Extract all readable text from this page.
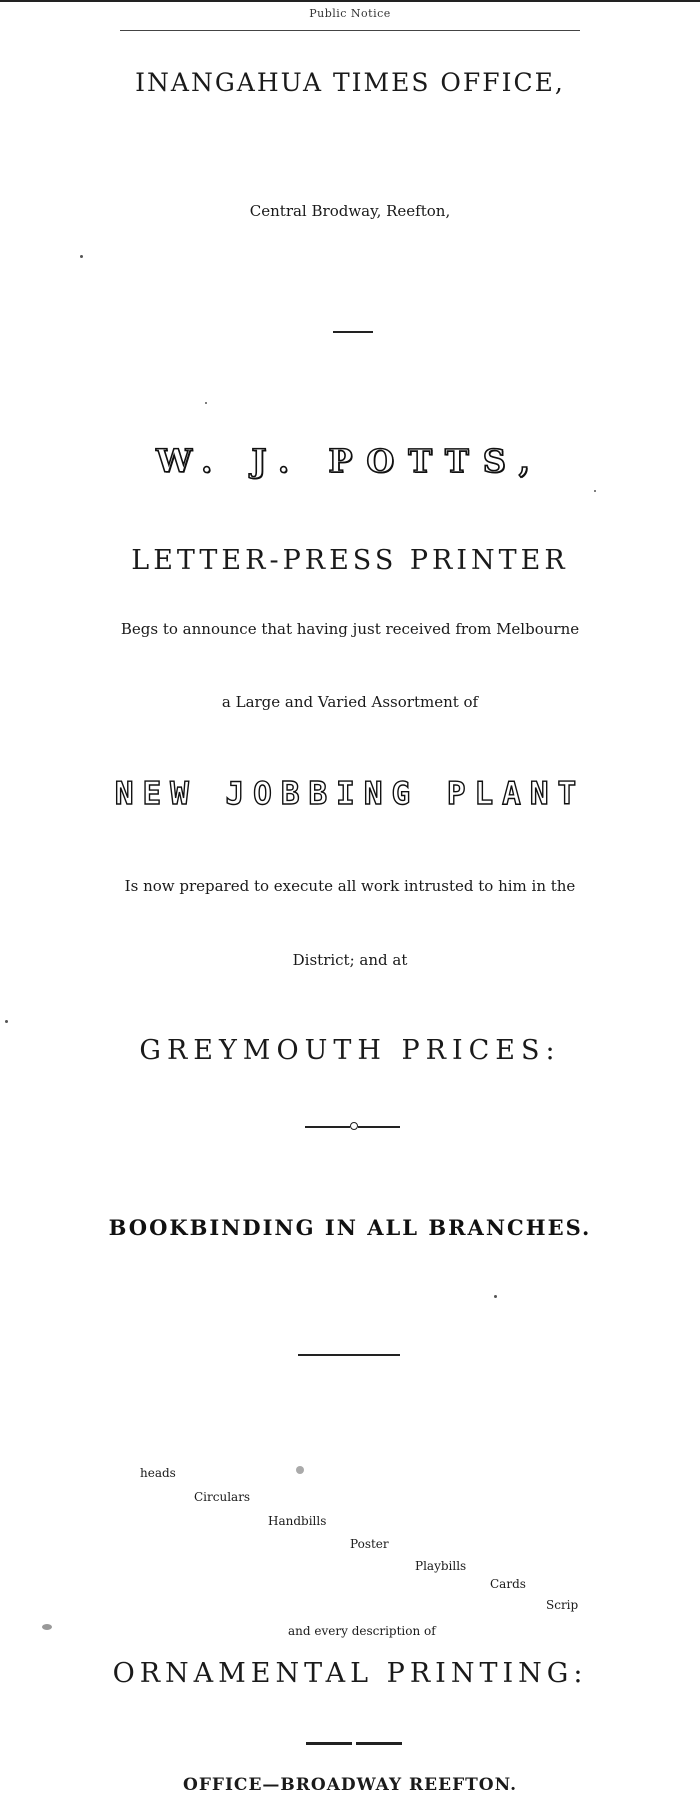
Public Notice
INANGAHUA TIMES OFFICE,
Central Brodway, Reefton,
W. J. POTTS,
LETTER-PRESS PRINTER
Begs to announce that having just received from Melbourne
a Large and Varied Assortment of
NEW JOBBING PLANT
Is now prepared to execute all work intrusted to him in the
District; and at
GREYMOUTH PRICES:
BOOKBINDING IN ALL BRANCHES.
heads
Circulars
Handbills
Poster
Playbills
Cards
Scrip
and every description of
ORNAMENTAL PRINTING:
OFFICE—BROADWAY REEFTON.
